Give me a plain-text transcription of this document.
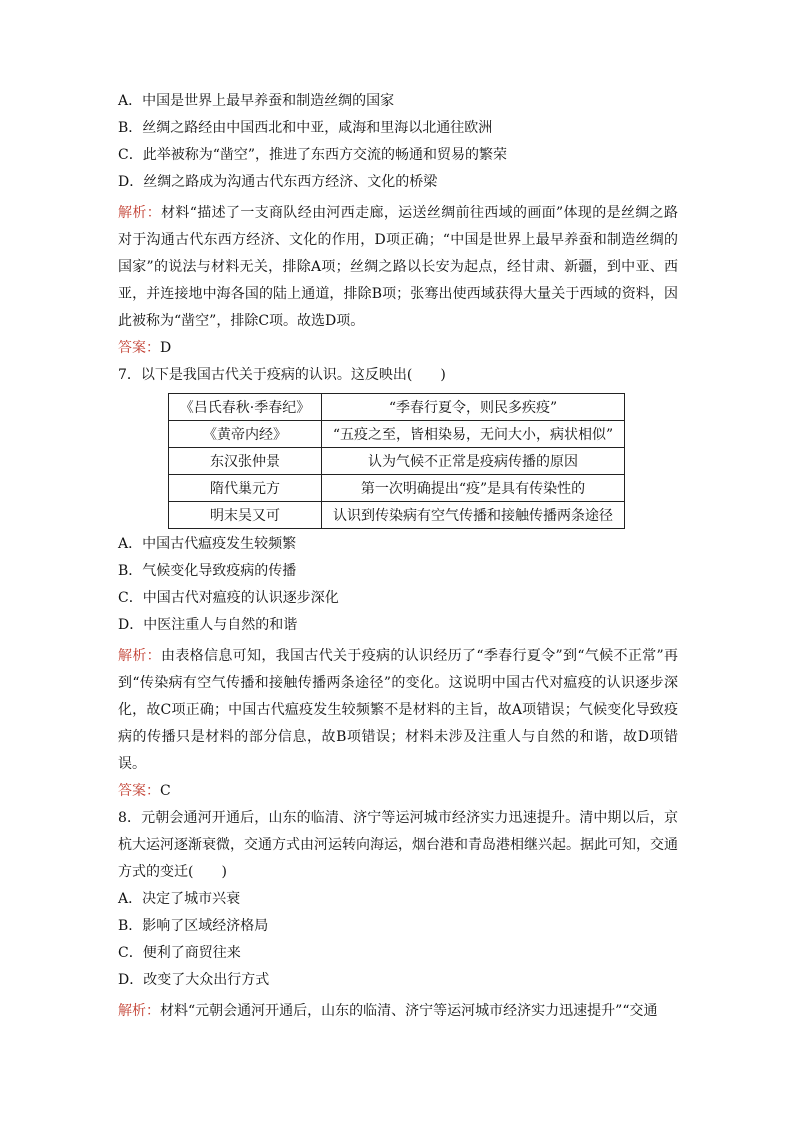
A．中国是世界上最早养蚕和制造丝绸的国家
B．丝绸之路经由中国西北和中亚，咸海和里海以北通往欧洲
C．此举被称为“凿空”，推进了东西方交流的畅通和贸易的繁荣
D．丝绸之路成为沟通古代东西方经济、文化的桥梁

解析：材料“描述了一支商队经由河西走廊，运送丝绸前往西域的画面”体现的是丝绸之路对于沟通古代东西方经济、文化的作用，D项正确；“中国是世界上最早养蚕和制造丝绸的国家”的说法与材料无关，排除A项；丝绸之路以长安为起点，经甘肃、新疆，到中亚、西亚，并连接地中海各国的陆上通道，排除B项；张骞出使西域获得大量关于西域的资料，因此被称为“凿空”，排除C项。故选D项。

答案：D
7．以下是我国古代关于疫病的认识。这反映出(　　)
《吕氏春秋·季春纪》	“季春行夏令，则民多疾疫”
《黄帝内经》	“五疫之至，皆相染易，无问大小，病状相似”
东汉张仲景	认为气候不正常是疫病传播的原因
隋代巢元方	第一次明确提出“疫”是具有传染性的
明末吴又可	认识到传染病有空气传播和接触传播两条途径
A．中国古代瘟疫发生较频繁
B．气候变化导致疫病的传播
C．中国古代对瘟疫的认识逐步深化
D．中医注重人与自然的和谐

解析：由表格信息可知，我国古代关于疫病的认识经历了“季春行夏令”到“气候不正常”再到“传染病有空气传播和接触传播两条途径”的变化。这说明中国古代对瘟疫的认识逐步深化，故C项正确；中国古代瘟疫发生较频繁不是材料的主旨，故A项错误；气候变化导致疫病的传播只是材料的部分信息，故B项错误；材料未涉及注重人与自然的和谐，故D项错误。

答案：C

8．元朝会通河开通后，山东的临清、济宁等运河城市经济实力迅速提升。清中期以后，京杭大运河逐渐衰微，交通方式由河运转向海运，烟台港和青岛港相继兴起。据此可知，交通方式的变迁(　　)

A．决定了城市兴衰
B．影响了区域经济格局
C．便利了商贸往来
D．改变了大众出行方式

解析：材料“元朝会通河开通后，山东的临清、济宁等运河城市经济实力迅速提升”“交通
